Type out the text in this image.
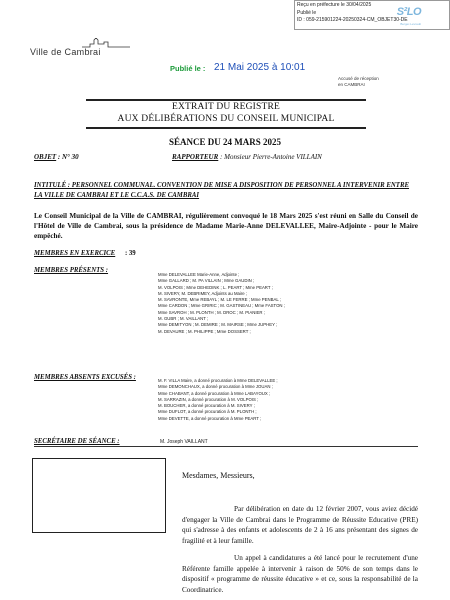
Reçu en préfecture le 30/04/2025
Publié le
ID : 059-215901224-20250324-CM_OBJET30-DE
S²LO
Berger-Levrault
Ville de Cambrai
Publié le : 21 Mai 2025 à 10:01
Accusé de réception
en CAMBRAI
EXTRAIT DU REGISTRE
AUX DÉLIBÉRATIONS DU CONSEIL MUNICIPAL
SÉANCE DU 24 MARS 2025
OBJET : N° 30	RAPPORTEUR : Monsieur Pierre-Antoine VILLAIN
INTITULÉ : PERSONNEL COMMUNAL. CONVENTION DE MISE A DISPOSITION DE PERSONNEL A INTERVENIR ENTRE LA VILLE DE CAMBRAI ET LE C.C.A.S. DE CAMBRAI
Le Conseil Municipal de la Ville de CAMBRAI, régulièrement convoqué le 18 Mars 2025 s'est réuni en Salle du Conseil de l'Hôtel de Ville de Cambrai, sous la présidence de Madame Marie-Anne DELEVALLEE, Maire-Adjointe - pour le Maire empêché.
MEMBRES EN EXERCICE : 39
MEMBRES PRÉSENTS :
Mme DELEVALLEE Marie-Anne, Adjointe ;
Mme GALLARD ; M. PA VILLAIN ; Mme GAUDIN ;
M. VOLPOIS ; Mme DEHEDINK ; L. PEART ; Mme PEART ;
M. SIVERY, M. DEBRIMEY, Adjoints au Maire ;
M. SAVRONTE, Mme REBAYL ; M. LE FERRE ; Mme PENBAL ;
Mme CARDON ; Mme GRIRIC ; M. GASTINEAU ; Mme FASTON ;
Mme SAVROH ; M. PLONTH ; M. DROC ; M. PIANIER ;
M. GUBR ; M. VAILLANT ;
Mme DEMITYON ; M. DEMIRE ; M. MAIRSE ; Mme JUPHEY ;
M. DEVAURE ; M. PHILIPPE ; Mme DOSSERT ;
MEMBRES ABSENTS EXCUSÉS :	M. F. VILLA Maire, a donné procuration à Mme DELEVALLEE ;
Mme DEMONCHAUX, a donné procuration à Mme JOUAN ;
Mme CHABANT, a donné procuration à Mme LABAYOUX ;
M. SARRAZIN, a donné procuration à M. VOLPOIS ;
M. BOUCHER, a donné procuration à M. SIVERY ;
Mme DUFLOT, a donné procuration à M. PLONTH ;
Mme DEVETTE, a donné procuration à Mme PEART ;
SECRÉTAIRE DE SÉANCE :	M. Joseph VAILLANT
Mesdames, Messieurs,
Par délibération en date du 12 février 2007, vous aviez décidé d'engager la Ville de Cambrai dans le Programme de Réussite Educative (PRE) qui s'adresse à des enfants et adolescents de 2 à 16 ans présentant des signes de fragilité et à leur famille.
Un appel à candidatures a été lancé pour le recrutement d'une Référente famille appelée à intervenir à raison de 50% de son temps dans le dispositif « programme de réussite éducative » et ce, sous la responsabilité de la Coordinatrice.
